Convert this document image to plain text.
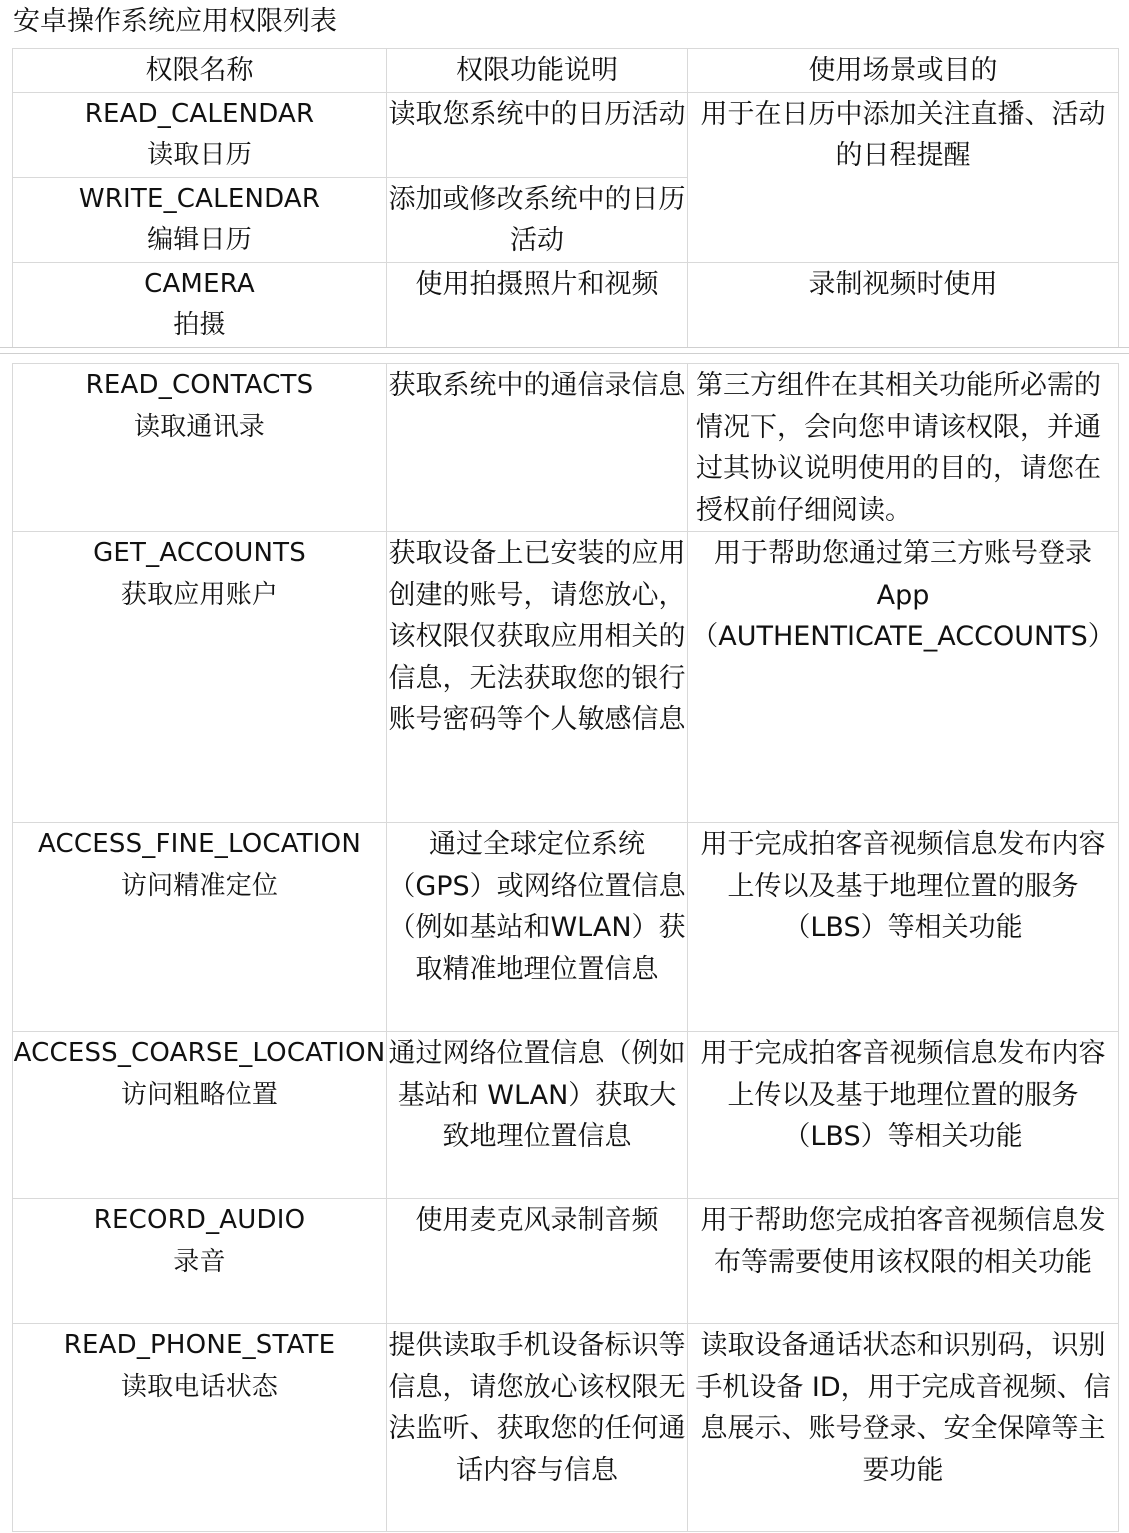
安卓操作系统应用权限列表
权限名称	权限功能说明	使用场景或目的

READ_CALENDAR
读取日历	读取您系统中的日历活动	用于在日历中添加关注直播、活动的日程提醒

WRITE_CALENDAR
编辑日历	添加或修改系统中的日历活动	

CAMERA
拍摄	使用拍摄照片和视频	录制视频时使用
READ_CONTACTS
读取通讯录	获取系统中的通信录信息	第三方组件在其相关功能所必需的情况下，会向您申请该权限，并通过其协议说明使用的目的，请您在授权前仔细阅读。

GET_ACCOUNTS
获取应用账户	获取设备上已安装的应用创建的账号，请您放心，该权限仅获取应用相关的信息，无法获取您的银行账号密码等个人敏感信息	用于帮助您通过第三方账号登录 App（AUTHENTICATE_ACCOUNTS）

ACCESS_FINE_LOCATION
访问精准定位	通过全球定位系统（GPS）或网络位置信息（例如基站和WLAN）获取精准地理位置信息	用于完成拍客音视频信息发布内容上传以及基于地理位置的服务（LBS）等相关功能

ACCESS_COARSE_LOCATION
访问粗略位置	通过网络位置信息（例如基站和 WLAN）获取大致地理位置信息	用于完成拍客音视频信息发布内容上传以及基于地理位置的服务（LBS）等相关功能

RECORD_AUDIO
录音	使用麦克风录制音频	用于帮助您完成拍客音视频信息发布等需要使用该权限的相关功能

READ_PHONE_STATE
读取电话状态	提供读取手机设备标识等信息，请您放心该权限无法监听、获取您的任何通话内容与信息	读取设备通话状态和识别码，识别手机设备 ID，用于完成音视频、信息展示、账号登录、安全保障等主要功能
